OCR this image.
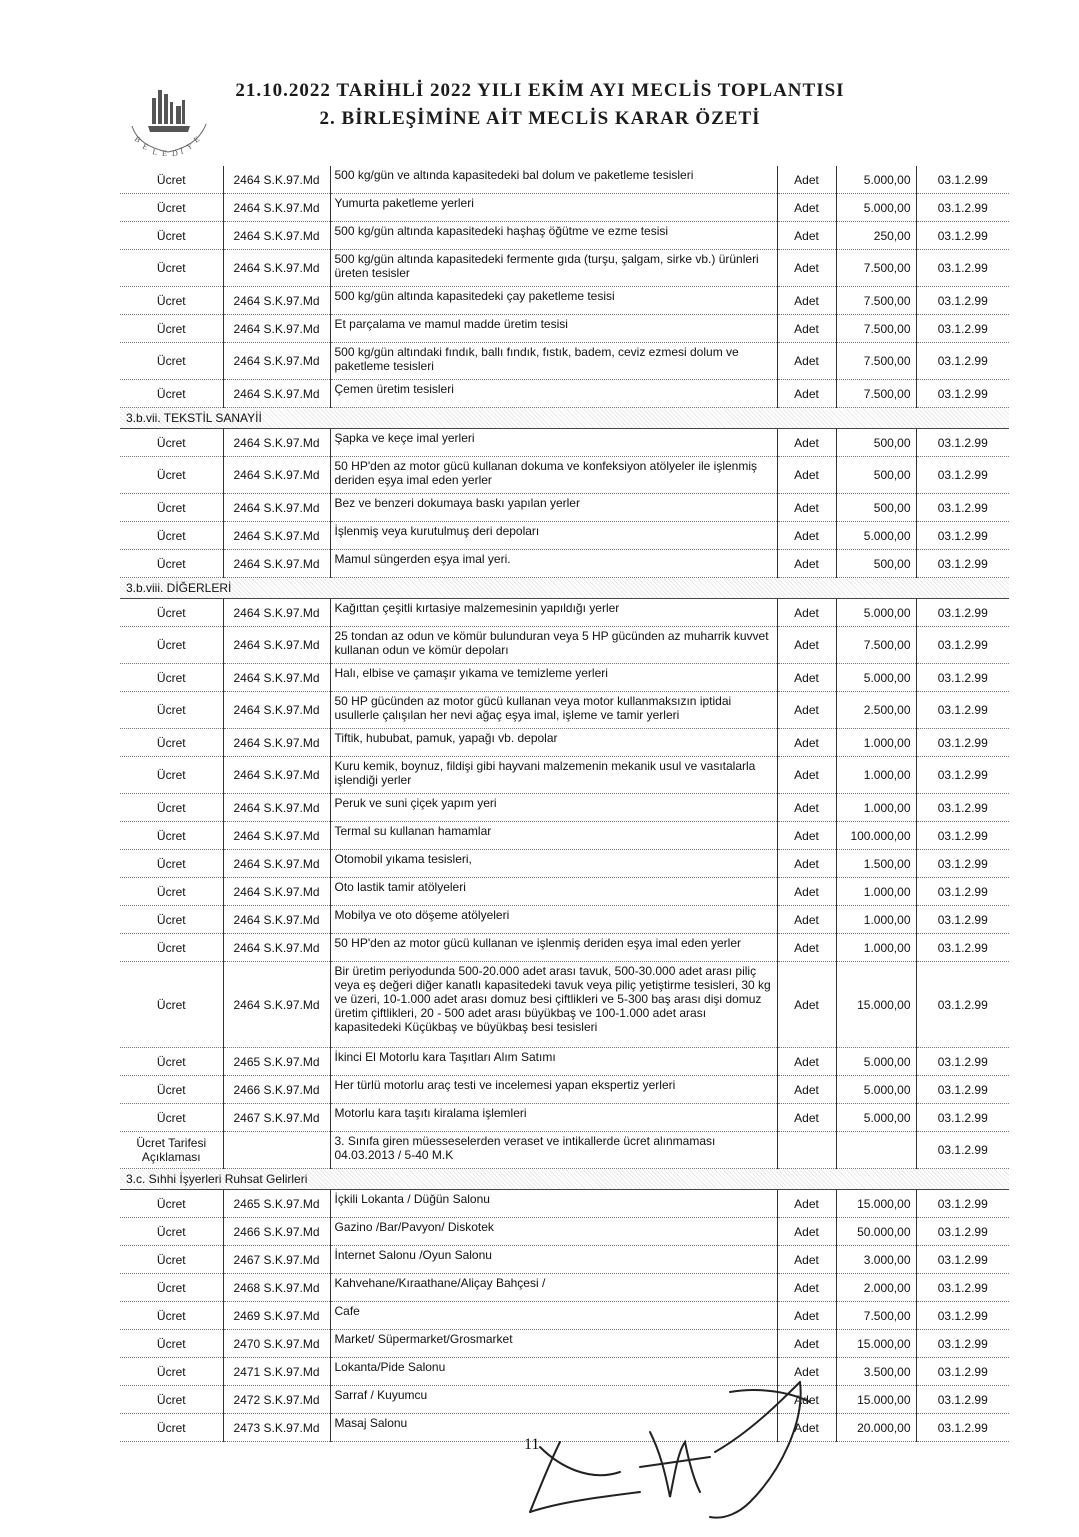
B
E
L E D İ Y
E
21.10.2022 TARİHLİ 2022 YILI EKİM AYI MECLİS TOPLANTISI
2. BİRLEŞİMİNE AİT MECLİS KARAR ÖZETİ
Ücret	2464 S.K.97.Md	500 kg/gün ve altında kapasitedeki bal dolum ve paketleme tesisleri	Adet	5.000,00	03.1.2.99
Ücret	2464 S.K.97.Md	Yumurta paketleme yerleri	Adet	5.000,00	03.1.2.99
Ücret	2464 S.K.97.Md	500 kg/gün altında kapasitedeki haşhaş öğütme ve ezme tesisi	Adet	250,00	03.1.2.99
Ücret	2464 S.K.97.Md	500 kg/gün altında kapasitedeki fermente gıda (turşu, şalgam, sirke vb.) ürünleri üreten tesisler	Adet	7.500,00	03.1.2.99
Ücret	2464 S.K.97.Md	500 kg/gün altında kapasitedeki çay paketleme tesisi	Adet	7.500,00	03.1.2.99
Ücret	2464 S.K.97.Md	Et parçalama ve mamul madde üretim tesisi	Adet	7.500,00	03.1.2.99
Ücret	2464 S.K.97.Md	500 kg/gün altındaki fındık, ballı fındık, fıstık, badem, ceviz ezmesi dolum ve paketleme tesisleri	Adet	7.500,00	03.1.2.99
Ücret	2464 S.K.97.Md	Çemen üretim tesisleri	Adet	7.500,00	03.1.2.99
3.b.vii. TEKSTİL SANAYİİ					
Ücret	2464 S.K.97.Md	Şapka ve keçe imal yerleri	Adet	500,00	03.1.2.99
Ücret	2464 S.K.97.Md	50 HP'den az motor gücü kullanan dokuma ve konfeksiyon atölyeler ile işlenmiş deriden eşya imal eden yerler	Adet	500,00	03.1.2.99
Ücret	2464 S.K.97.Md	Bez ve benzeri dokumaya baskı yapılan yerler	Adet	500,00	03.1.2.99
Ücret	2464 S.K.97.Md	İşlenmiş veya kurutulmuş deri depoları	Adet	5.000,00	03.1.2.99
Ücret	2464 S.K.97.Md	Mamul süngerden eşya imal yeri.	Adet	500,00	03.1.2.99
3.b.viii. DİĞERLERİ					
Ücret	2464 S.K.97.Md	Kağıttan çeşitli kırtasiye malzemesinin yapıldığı yerler	Adet	5.000,00	03.1.2.99
Ücret	2464 S.K.97.Md	25 tondan az odun ve kömür bulunduran veya 5 HP gücünden az muharrik kuvvet kullanan odun ve kömür depoları	Adet	7.500,00	03.1.2.99
Ücret	2464 S.K.97.Md	Halı, elbise ve çamaşır yıkama ve temizleme yerleri	Adet	5.000,00	03.1.2.99
Ücret	2464 S.K.97.Md	50 HP gücünden az motor gücü kullanan veya motor kullanmaksızın iptidai usullerle çalışılan her nevi ağaç eşya imal, işleme ve tamir yerleri	Adet	2.500,00	03.1.2.99
Ücret	2464 S.K.97.Md	Tiftik, hububat, pamuk, yapağı vb. depolar	Adet	1.000,00	03.1.2.99
Ücret	2464 S.K.97.Md	Kuru kemik, boynuz, fildişi gibi hayvani malzemenin mekanik usul ve vasıtalarla işlendiği yerler	Adet	1.000,00	03.1.2.99
Ücret	2464 S.K.97.Md	Peruk ve suni çiçek yapım yeri	Adet	1.000,00	03.1.2.99
Ücret	2464 S.K.97.Md	Termal su kullanan hamamlar	Adet	100.000,00	03.1.2.99
Ücret	2464 S.K.97.Md	Otomobil yıkama tesisleri,	Adet	1.500,00	03.1.2.99
Ücret	2464 S.K.97.Md	Oto lastik tamir atölyeleri	Adet	1.000,00	03.1.2.99
Ücret	2464 S.K.97.Md	Mobilya ve oto döşeme atölyeleri	Adet	1.000,00	03.1.2.99
Ücret	2464 S.K.97.Md	50 HP'den az motor gücü kullanan ve işlenmiş deriden eşya imal eden yerler	Adet	1.000,00	03.1.2.99
Ücret	2464 S.K.97.Md	Bir üretim periyodunda 500-20.000 adet arası tavuk, 500-30.000 adet arası piliç veya eş değeri diğer kanatlı kapasitedeki tavuk veya piliç yetiştirme tesisleri, 30 kg ve üzeri, 10-1.000 adet arası domuz besi çiftlikleri ve 5-300 baş arası dişi domuz üretim çiftlikleri, 20 - 500 adet arası büyükbaş ve 100-1.000 adet arası kapasitedeki Küçükbaş ve büyükbaş besi tesisleri	Adet	15.000,00	03.1.2.99
Ücret	2465 S.K.97.Md	İkinci El Motorlu kara Taşıtları Alım Satımı	Adet	5.000,00	03.1.2.99
Ücret	2466 S.K.97.Md	Her türlü motorlu araç testi ve incelemesi yapan ekspertiz yerleri	Adet	5.000,00	03.1.2.99
Ücret	2467 S.K.97.Md	Motorlu kara taşıtı kiralama işlemleri	Adet	5.000,00	03.1.2.99
Ücret Tarifesi Açıklaması		3. Sınıfa giren müesseselerden veraset ve intikallerde ücret alınmaması 04.03.2013 / 5-40 M.K			03.1.2.99
3.c. Sıhhi İşyerleri Ruhsat Gelirleri					
Ücret	2465 S.K.97.Md	İçkili Lokanta / Düğün Salonu	Adet	15.000,00	03.1.2.99
Ücret	2466 S.K.97.Md	Gazino /Bar/Pavyon/ Diskotek	Adet	50.000,00	03.1.2.99
Ücret	2467 S.K.97.Md	İnternet Salonu /Oyun Salonu	Adet	3.000,00	03.1.2.99
Ücret	2468 S.K.97.Md	Kahvehane/Kıraathane/Aliçay Bahçesi /	Adet	2.000,00	03.1.2.99
Ücret	2469 S.K.97.Md	Cafe	Adet	7.500,00	03.1.2.99
Ücret	2470 S.K.97.Md	Market/ Süpermarket/Grosmarket	Adet	15.000,00	03.1.2.99
Ücret	2471 S.K.97.Md	Lokanta/Pide Salonu	Adet	3.500,00	03.1.2.99
Ücret	2472 S.K.97.Md	Sarraf / Kuyumcu	Adet	15.000,00	03.1.2.99
Ücret	2473 S.K.97.Md	Masaj Salonu	Adet	20.000,00	03.1.2.99
11
